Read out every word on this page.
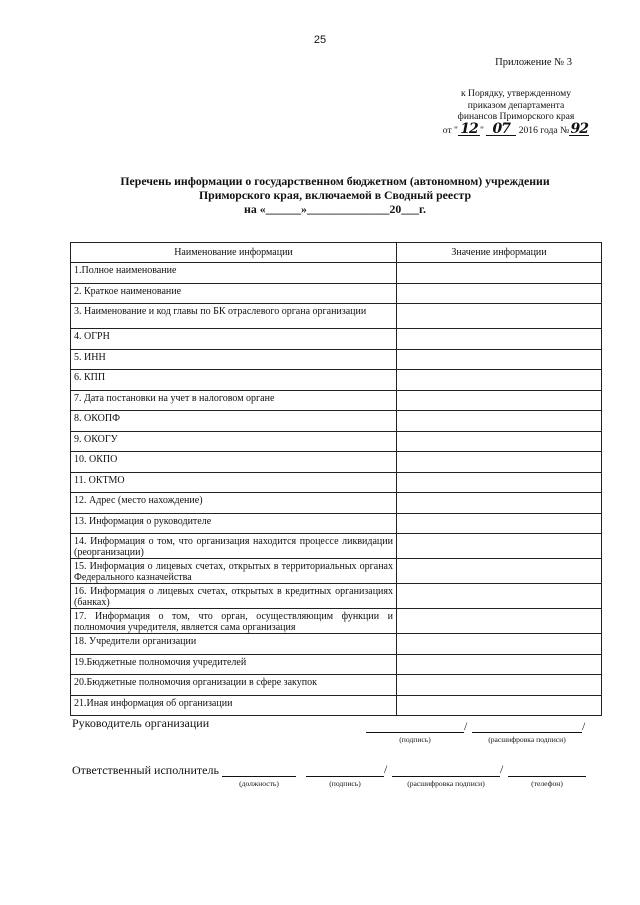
25
Приложение № 3
к Порядку, утвержденному
приказом департамента
финансов Приморского края
от " 12 " 07 2016 года №92
Перечень информации о государственном бюджетном (автономном) учреждении
Приморского края, включаемой в Сводный реестр
на «______»______________20___г.
Наименование информации	Значение информации
1.Полное наименование	
2. Краткое наименование	
3. Наименование и код главы по БК отраслевого органа организации	
4. ОГРН	
5. ИНН	
6. КПП	
7. Дата постановки на учет в налоговом органе	
8. ОКОПФ	
9. ОКОГУ	
10. ОКПО	
11. ОКТМО	
12. Адрес (место нахождение)	
13. Информация о руководителе	
14. Информация о том, что организация находится процессе ликвидации (реорганизации)	
15. Информация о лицевых счетах, открытых в территориальных органах Федерального казначейства	
16. Информация о лицевых счетах, открытых в кредитных организациях (банках)	
17. Информация о том, что орган, осуществляющим функции и полномочия учредителя, является сама организация	
18. Учредители организации	
19.Бюджетные полномочия учредителей	
20.Бюджетные полномочия организации в сфере закупок	
21.Иная информация об организации	
Руководитель организации	/	/
(подпись)	(расшифровка подписи)
Ответственный исполнитель	/	/
(должность)	(подпись)	(расшифровка подписи)	(телефон)
